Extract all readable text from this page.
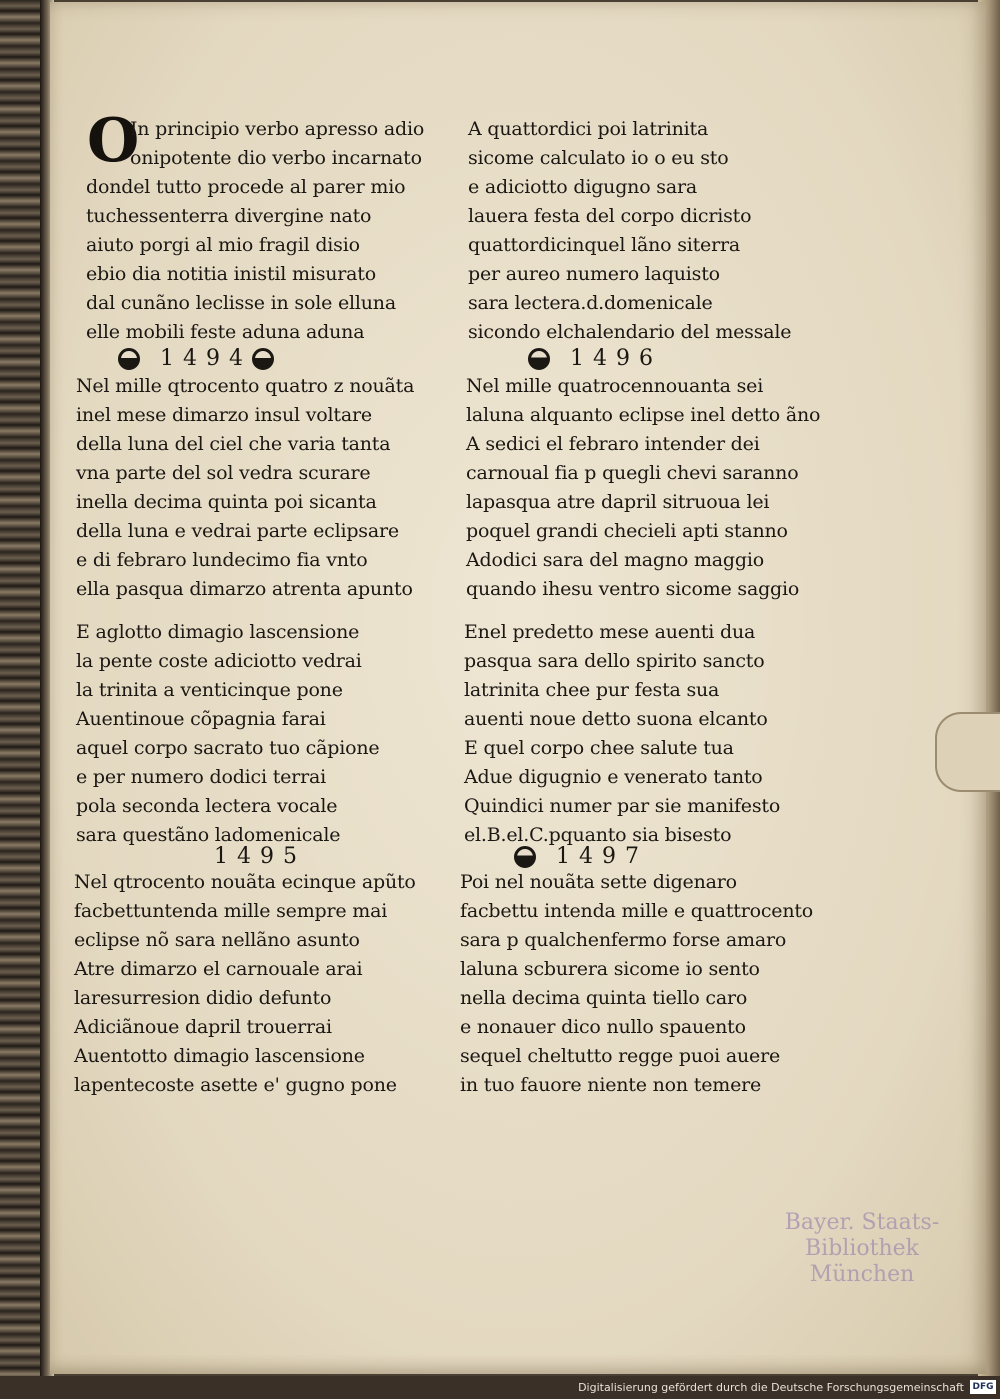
O
In principio verbo apresso adio
onipotente dio verbo incarnato
dondel tutto procede al parer mio
tuchessenterra divergine nato
aiuto porgi al mio fragil disio
ebio dia notitia inistil misurato
dal cunãno leclisse in sole elluna
elle mobili feste aduna aduna
A quattordici poi latrinita
sicome calculato io o eu sto
e adiciotto digugno sara
lauera festa del corpo dicristo
quattordicinquel lãno siterra
per aureo numero laquisto
sara lectera.d.domenicale
sicondo elchalendario del messale
1494	1496
Nel mille qtrocento quatro z nouãta
inel mese dimarzo insul voltare
della luna del ciel che varia tanta
vna parte del sol vedra scurare
inella decima quinta poi sicanta
della luna e vedrai parte eclipsare
e di febraro lundecimo fia vnto
ella pasqua dimarzo atrenta apunto
Nel mille quatrocennouanta sei
laluna alquanto eclipse inel detto ãno
A sedici el febraro intender dei
carnoual fia p quegli chevi saranno
lapasqua atre dapril sitruoua lei
poquel grandi checieli apti stanno
Adodici sara del magno maggio
quando ihesu ventro sicome saggio
E aglotto dimagio lascensione
la pente coste adiciotto vedrai
la trinita a venticinque pone
Auentinoue cõpagnia farai
aquel corpo sacrato tuo cãpione
e per numero dodici terrai
pola seconda lectera vocale
sara questãno ladomenicale
Enel predetto mese auenti dua
pasqua sara dello spirito sancto
latrinita chee pur festa sua
auenti noue detto suona elcanto
E quel corpo chee salute tua
Adue digugnio e venerato tanto
Quindici numer par sie manifesto
el.B.el.C.pquanto sia bisesto
1495	1497
Nel qtrocento nouãta ecinque apũto
facbettuntenda mille sempre mai
eclipse nõ sara nellãno asunto
Atre dimarzo el carnouale arai
laresurresion didio defunto
Adiciãnoue dapril trouerrai
Auentotto dimagio lascensione
lapentecoste asette e' gugno pone
Poi nel nouãta sette digenaro
facbettu intenda mille e quattrocento
sara p qualchenfermo forse amaro
laluna scburera sicome io sento
nella decima quinta tiello caro
e nonauer dico nullo spauento
sequel cheltutto regge puoi auere
in tuo fauore niente non temere
Bayer. Staats-
Bibliothek
München
Digitalisierung gefördert durch die Deutsche Forschungsgemeinschaft DFG
